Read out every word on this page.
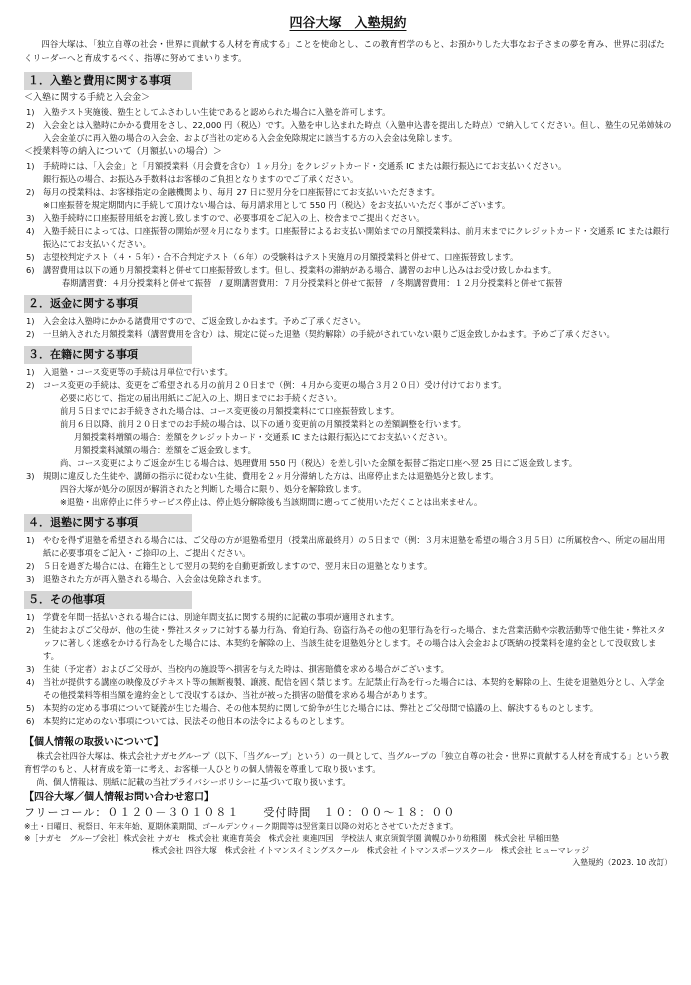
四谷大塚　入塾規約
四谷大塚は、「独立自尊の社会・世界に貢献する人材を育成する」ことを使命とし、この教育哲学のもと、お預かりした大事なお子さまの夢を育み、世界に羽ばたくリーダーへと育成するべく、指導に努めてまいります。
１．入塾と費用に関する事項
＜入塾に関する手続と入会金＞
1) 入塾テスト実施後、塾生としてふさわしい生徒であると認められた場合に入塾を許可します。
2) 入会金とは入塾時にかかる費用をさし、22,000 円（税込）です。入塾を申し込まれた時点（入塾申込書を提出した時点）で納入してください。但し、塾生の兄弟姉妹の入会金並びに再入塾の場合の入会金、および当社の定める入会金免除規定に該当する方の入会金は免除します。
＜授業料等の納入について（月額払いの場合）＞
1) 手続時には、「入会金」と「月額授業料（月会費を含む）１ヶ月分」をクレジットカード・交通系 IC または銀行振込にてお支払いください。
銀行振込の場合、お振込み手数料はお客様のご負担となりますのでご了承ください。
2) 毎月の授業料は、お客様指定の金融機関より、毎月 27 日に翌月分を口座振替にてお支払いいただきます。
※口座振替を規定期間内に手続して頂けない場合は、毎月請求用として 550 円（税込）をお支払いいただく事がございます。
3) 入塾手続時に口座振替用紙をお渡し致しますので、必要事項をご記入の上、校舎までご提出ください。
4) 入塾手続日によっては、口座振替の開始が翌々月になります。口座振替によるお支払い開始までの月額授業料は、前月末までにクレジットカード・交通系 IC または銀行振込にてお支払いください。
5) 志望校判定テスト（４・５年）・合不合判定テスト（６年）の受験料はテスト実施月の月額授業料と併せて、口座振替致します。
6) 講習費用は以下の通り月額授業料と併せて口座振替致します。但し、授業料の滞納がある場合、講習のお申し込みはお受け致しかねます。
春期講習費：４月分授業料と併せて振替　/ 夏期講習費用：７月分授業料と併せて振替　/ 冬期講習費用：１２月分授業料と併せて振替
２．返金に関する事項
1) 入会金は入塾時にかかる諸費用ですので、ご返金致しかねます。予めご了承ください。
2) 一旦納入された月額授業料（講習費用を含む）は、規定に従った退塾（契約解除）の手続がされていない限りご返金致しかねます。予めご了承ください。
３．在籍に関する事項
1) 入退塾・コース変更等の手続は月単位で行います。
2) コース変更の手続は、変更をご希望される月の前月２０日まで（例：４月から変更の場合３月２０日）受け付けております。
必要に応じて、指定の届出用紙にご記入の上、期日までにお手続ください。
前月５日までにお手続きされた場合は、コース変更後の月額授業料にて口座振替致します。
前月６日以降、前月２０日までのお手続の場合は、以下の通り変更前の月額授業料との差額調整を行います。
月額授業料増額の場合：差額をクレジットカード・交通系 IC または銀行振込にてお支払いください。
月額授業料減額の場合：差額をご返金致します。
尚、コース変更によりご返金が生じる場合は、処理費用 550 円（税込）を差し引いた金額を振替ご指定口座へ翌 25 日にご返金致します。
3) 規則に違反した生徒や、講師の指示に従わない生徒、費用を２ヶ月分滞納した方は、出席停止または退塾処分と致します。
四谷大塚が処分の原因が解消されたと判断した場合に限り、処分を解除致します。
※退塾・出席停止に伴うサービス停止は、停止処分解除後も当該期間に遡ってご使用いただくことは出来ません。
４．退塾に関する事項
1) やむを得ず退塾を希望される場合には、ご父母の方が退塾希望月（授業出席最終月）の５日まで（例：３月末退塾を希望の場合３月５日）に所属校舎へ、所定の届出用紙に必要事項をご記入・ご捺印の上、ご提出ください。
2) ５日を過ぎた場合には、在籍生として翌月の契約を自動更新致しますので、翌月末日の退塾となります。
3) 退塾された方が再入塾される場合、入会金は免除されます。
５．その他事項
1) 学費を年間一括払いされる場合には、別途年間支払に関する規約に記載の事項が適用されます。
2) 生徒およびご父母が、他の生徒・弊社スタッフに対する暴力行為、脅迫行為、窃盗行為その他の犯罪行為を行った場合、また営業活動や宗教活動等で他生徒・弊社スタッフに著しく迷惑をかける行為をした場合には、本契約を解除の上、当該生徒を退塾処分とします。その場合は入会金および既納の授業料を違約金として没収致します。
3) 生徒（予定者）およびご父母が、当校内の施設等へ損害を与えた時は、損害賠償を求める場合がございます。
4) 当社が提供する講座の映像及びテキスト等の無断複製、譲渡、配信を固く禁じます。左記禁止行為を行った場合には、本契約を解除の上、生徒を退塾処分とし、入学金その他授業料等相当額を違約金として没収するほか、当社が被った損害の賠償を求める場合があります。
5) 本契約の定める事項について疑義が生じた場合、その他本契約に関して紛争が生じた場合には、弊社とご父母間で協議の上、解決するものとします。
6) 本契約に定めのない事項については、民法その他日本の法令によるものとします。
【個人情報の取扱いについて】
株式会社四谷大塚は、株式会社ナガセグループ（以下、「当グループ」という）の一員として、当グループの「独立自尊の社会・世界に貢献する人材を育成する」という教育哲学のもと、人材育成を第一に考え、お客様一人ひとりの個人情報を尊重して取り扱います。
尚、個人情報は、別紙に記載の当社プライバシーポリシーに基づいて取り扱います。
【四谷大塚／個人情報お問い合わせ窓口】
フリーコール：０１２０－３０１０８１　　受付時間　１０：００～１８：００
※土・日曜日、祝祭日、年末年始、夏期休業期間、ゴールデンウィーク期間等は翌営業日以降の対応とさせていただきます。
※［ナガセ　グループ会社］株式会社 ナガセ　株式会社 東進育英会　株式会社 東進四国　学校法人 東京須賀学園 満幌ひかり幼稚園　株式会社 早稲田塾
株式会社 四谷大塚　株式会社 イトマンスイミングスクール　株式会社 イトマンスポーツスクール　株式会社 ヒューマレッジ
入塾規約（2023. 10 改訂）
